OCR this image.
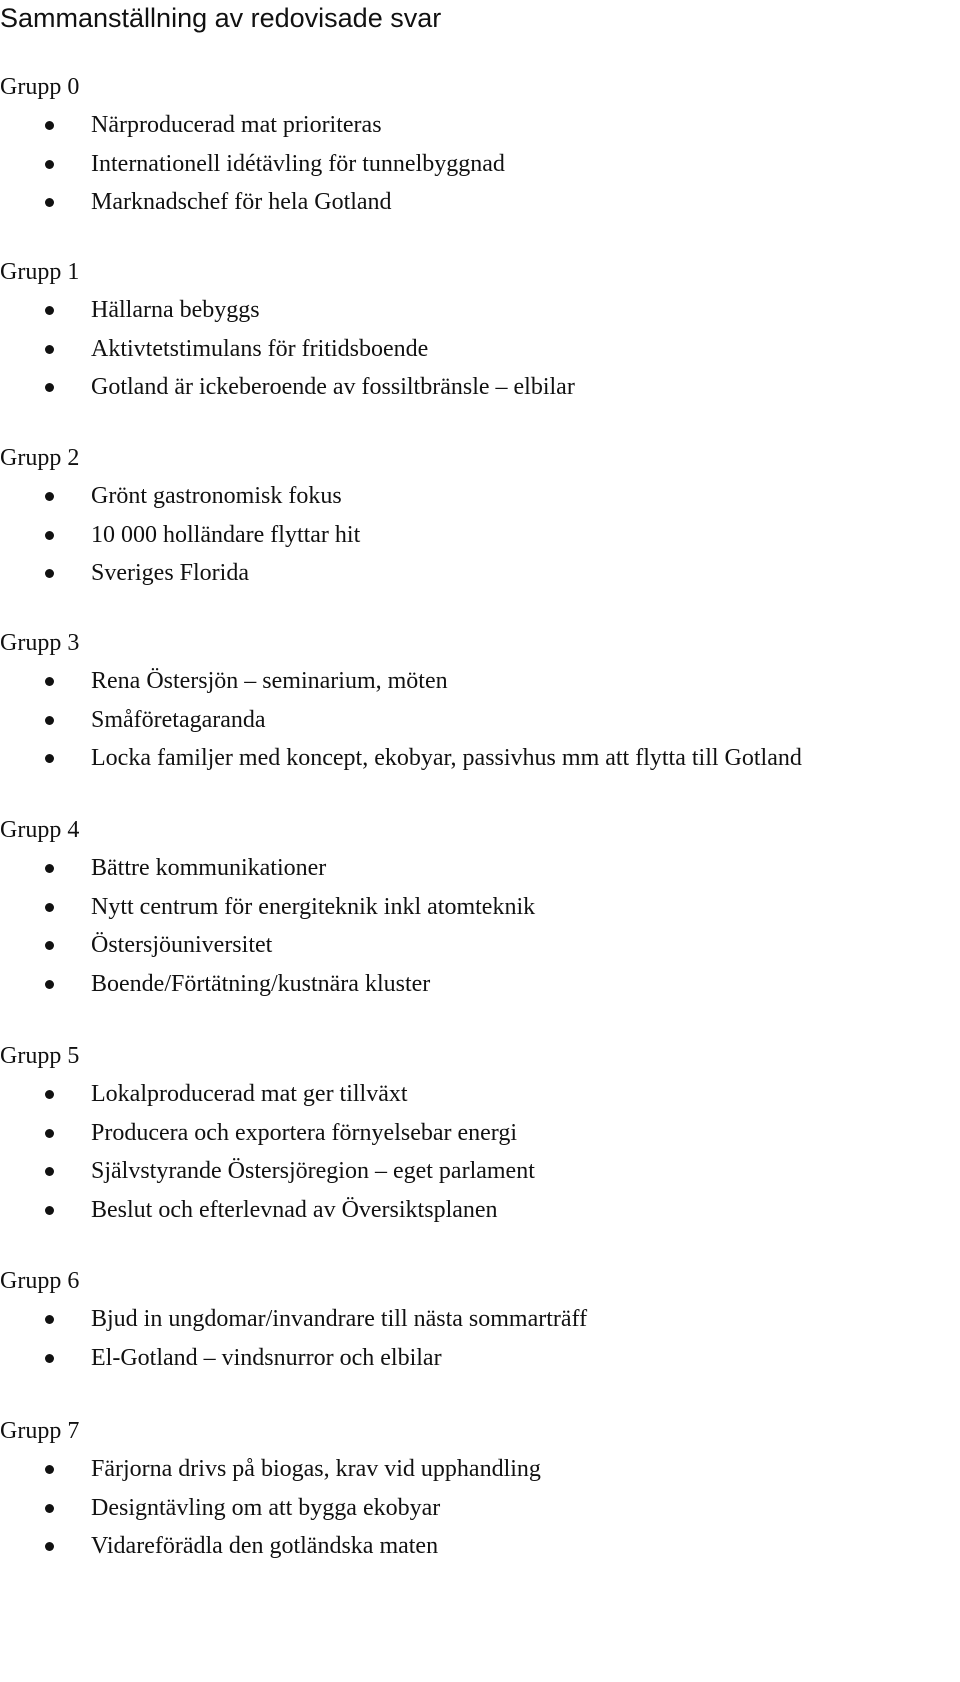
Sammanställning av redovisade svar
Grupp 0
Närproducerad mat prioriteras
Internationell idétävling för tunnelbyggnad
Marknadschef för hela Gotland
Grupp 1
Hällarna bebyggs
Aktivtetstimulans för fritidsboende
Gotland är ickeberoende av fossiltbränsle – elbilar
Grupp 2
Grönt gastronomisk fokus
10 000 holländare flyttar hit
Sveriges Florida
Grupp 3
Rena Östersjön – seminarium, möten
Småföretagaranda
Locka familjer med koncept, ekobyar, passivhus mm att flytta till Gotland
Grupp 4
Bättre kommunikationer
Nytt centrum för energiteknik inkl atomteknik
Östersjöuniversitet
Boende/Förtätning/kustnära kluster
Grupp 5
Lokalproducerad mat ger tillväxt
Producera och exportera förnyelsebar energi
Självstyrande Östersjöregion – eget parlament
Beslut och efterlevnad av Översiktsplanen
Grupp 6
Bjud in ungdomar/invandrare till nästa sommarträff
El-Gotland – vindsnurror och elbilar
Grupp 7
Färjorna drivs på biogas, krav vid upphandling
Designtävling om att bygga ekobyar
Vidareförädla den gotländska maten
